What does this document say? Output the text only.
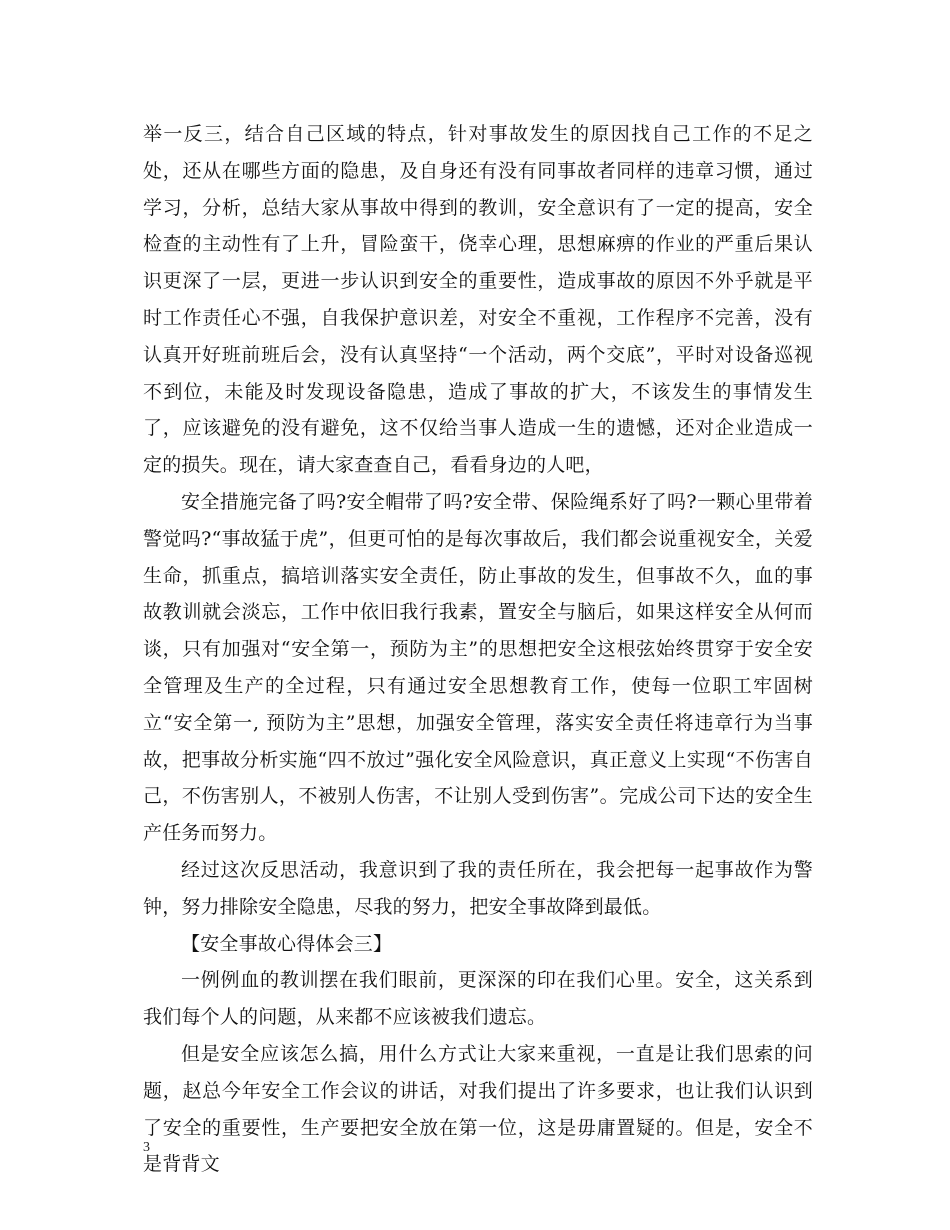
举一反三，结合自己区域的特点，针对事故发生的原因找自己工作的不足之处，还从在哪些方面的隐患，及自身还有没有同事故者同样的违章习惯，通过学习，分析，总结大家从事故中得到的教训，安全意识有了一定的提高，安全检查的主动性有了上升，冒险蛮干，侥幸心理，思想麻痹的作业的严重后果认识更深了一层，更进一步认识到安全的重要性，造成事故的原因不外乎就是平时工作责任心不强，自我保护意识差，对安全不重视，工作程序不完善，没有认真开好班前班后会，没有认真坚持“一个活动，两个交底”，平时对设备巡视不到位，未能及时发现设备隐患，造成了事故的扩大，不该发生的事情发生了，应该避免的没有避免，这不仅给当事人造成一生的遗憾，还对企业造成一定的损失。现在，请大家查查自己，看看身边的人吧，

安全措施完备了吗?安全帽带了吗?安全带、保险绳系好了吗?一颗心里带着警觉吗?“事故猛于虎”，但更可怕的是每次事故后，我们都会说重视安全，关爱生命，抓重点，搞培训落实安全责任，防止事故的发生，但事故不久，血的事故教训就会淡忘，工作中依旧我行我素，置安全与脑后，如果这样安全从何而谈，只有加强对“安全第一，预防为主”的思想把安全这根弦始终贯穿于安全安全管理及生产的全过程，只有通过安全思想教育工作，使每一位职工牢固树立“安全第一, 预防为主”思想，加强安全管理，落实安全责任将违章行为当事故，把事故分析实施“四不放过”强化安全风险意识，真正意义上实现“不伤害自己，不伤害别人，不被别人伤害，不让别人受到伤害”。完成公司下达的安全生产任务而努力。

经过这次反思活动，我意识到了我的责任所在，我会把每一起事故作为警钟，努力排除安全隐患，尽我的努力，把安全事故降到最低。

【安全事故心得体会三】

一例例血的教训摆在我们眼前，更深深的印在我们心里。安全，这关系到我们每个人的问题，从来都不应该被我们遗忘。

但是安全应该怎么搞，用什么方式让大家来重视，一直是让我们思索的问题，赵总今年安全工作会议的讲话，对我们提出了许多要求，也让我们认识到了安全的重要性，生产要把安全放在第一位，这是毋庸置疑的。但是，安全不是背背文

3
